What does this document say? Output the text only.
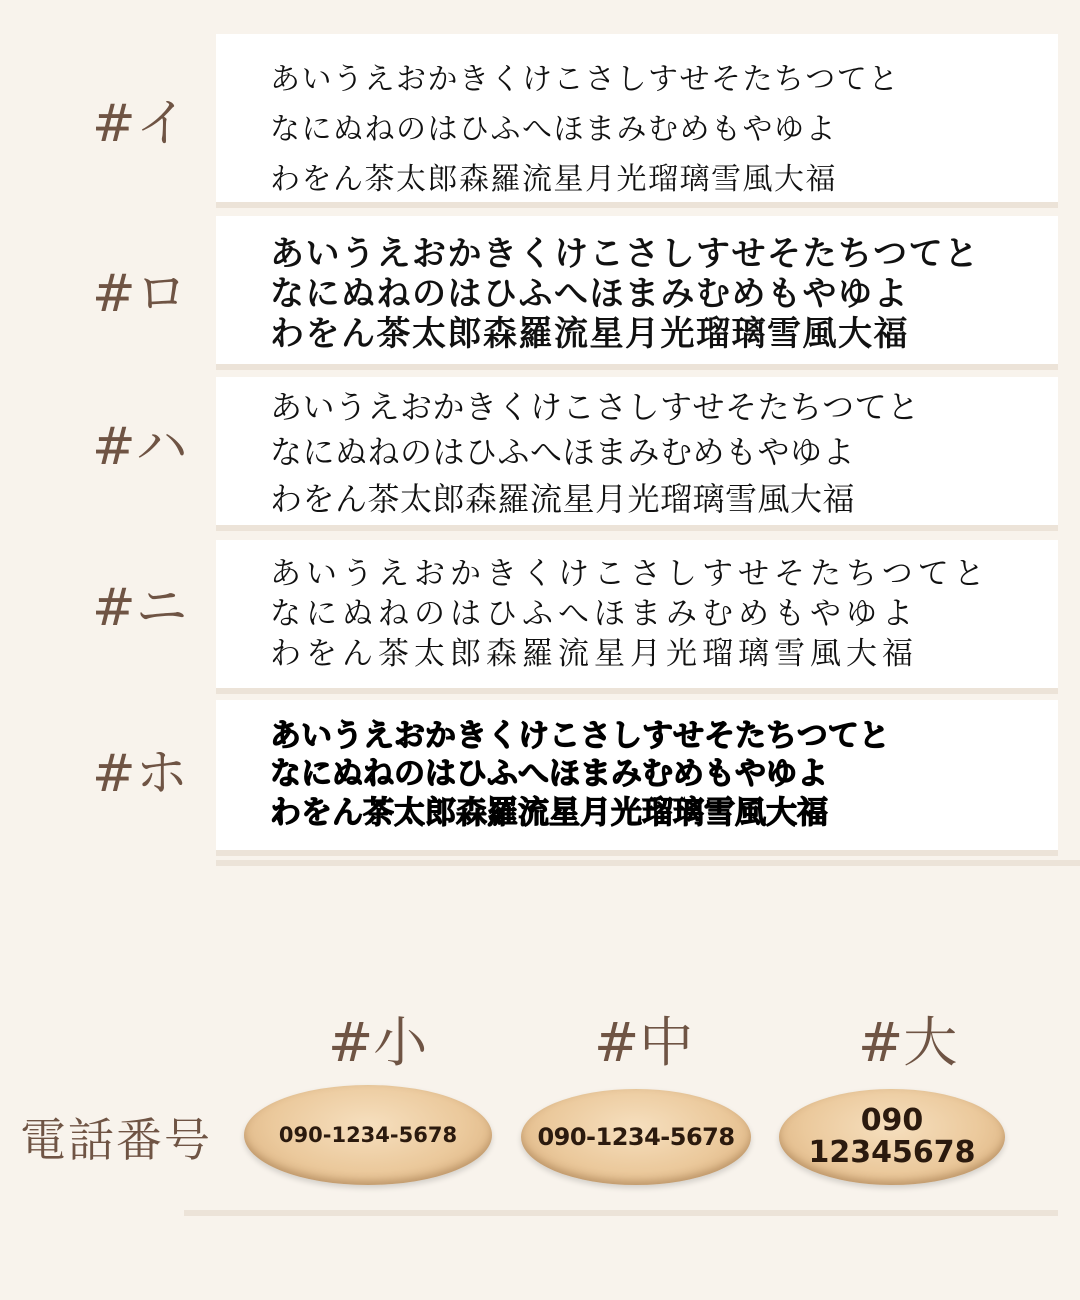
#イ
あいうえおかきくけこさしすせそたちつてと
なにぬねのはひふへほまみむめもやゆよ
わをん茶太郎森羅流星月光瑠璃雪風大福
#ロ
あいうえおかきくけこさしすせそたちつてと
なにぬねのはひふへほまみむめもやゆよ
わをん茶太郎森羅流星月光瑠璃雪風大福
#ハ
あいうえおかきくけこさしすせそたちつてと
なにぬねのはひふへほまみむめもやゆよ
わをん茶太郎森羅流星月光瑠璃雪風大福
#ニ
あいうえおかきくけこさしすせそたちつてと
なにぬねのはひふへほまみむめもやゆよ
わをん茶太郎森羅流星月光瑠璃雪風大福
#ホ
あいうえおかきくけこさしすせそたちつてと
なにぬねのはひふへほまみむめもやゆよ
わをん茶太郎森羅流星月光瑠璃雪風大福
#小	#中	#大
電話番号	090-1234-5678	090-1234-5678	090
12345678
